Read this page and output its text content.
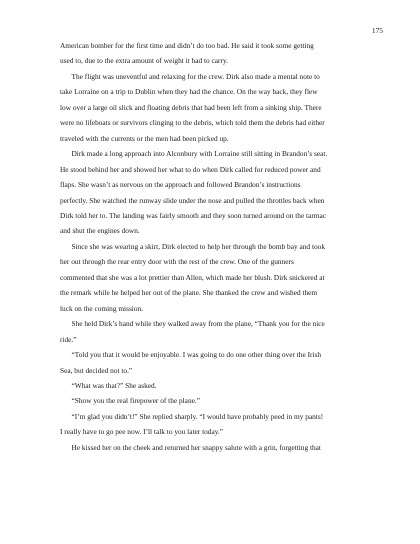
175

American bomber for the first time and didn’t do too bad. He said it took some getting
used to, due to the extra amount of weight it had to carry.

The flight was uneventful and relaxing for the crew. Dirk also made a mental note to
take Lorraine on a trip to Dublin when they had the chance. On the way back, they flew
low over a large oil slick and floating debris that had been left from a sinking ship. There
were no lifeboats or survivors clinging to the debris, which told them the debris had either
traveled with the currents or the men had been picked up.

Dirk made a long approach into Alconbury with Lorraine still sitting in Brandon’s seat.
He stood behind her and showed her what to do when Dirk called for reduced power and
flaps. She wasn’t as nervous on the approach and followed Brandon’s instructions
perfectly. She watched the runway slide under the nose and pulled the throttles back when
Dirk told her to. The landing was fairly smooth and they soon turned around on the tarmac
and shut the engines down.

Since she was wearing a skirt, Dirk elected to help her through the bomb bay and took
her out through the rear entry door with the rest of the crew. One of the gunners
commented that she was a lot prettier than Allen, which made her blush. Dirk snickered at
the remark while he helped her out of the plane. She thanked the crew and wished them
luck on the coming mission.

She held Dirk’s hand while they walked away from the plane, “Thank you for the nice
ride.”

“Told you that it would be enjoyable. I was going to do one other thing over the Irish
Sea, but decided not to.”

“What was that?” She asked.

“Show you the real firepower of the plane.”

“I’m glad you didn’t!” She replied sharply. “I would have probably peed in my pants!
I really have to go pee now. I’ll talk to you later today.”

He kissed her on the cheek and returned her snappy salute with a grin, forgetting that
